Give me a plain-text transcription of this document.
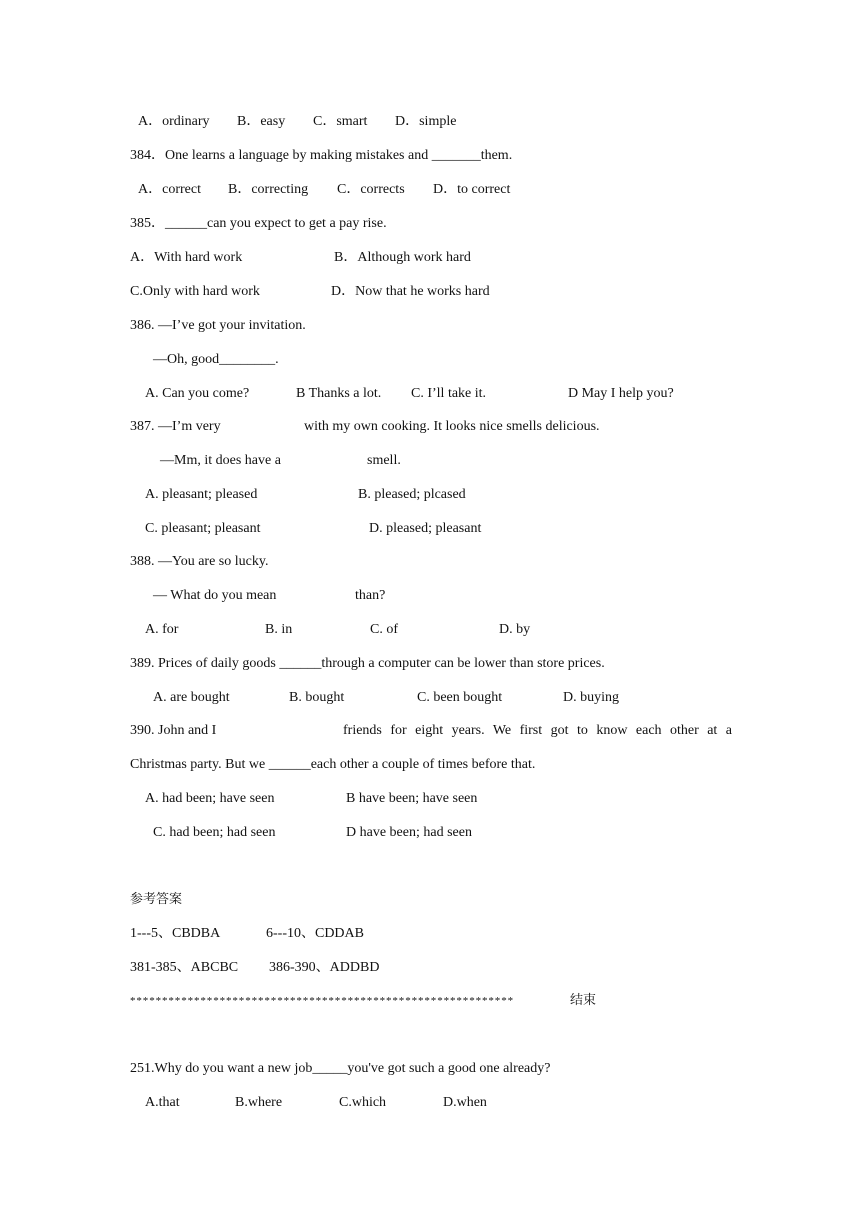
A．ordinary B．easy C．smart D．simple
384．One learns a language by making mistakes and _______them.
A．correct B．correcting C．corrects D．to correct
385．______can you expect to get a pay rise.
A．With hard work	B．Although work hard
C.Only with hard work	D．Now that he works hard
386. —I’ve got your invitation.
—Oh, good________.
A. Can you come?	B Thanks a lot. C. I’ll take it.	D May I help you?
387. —I’m very	with my own cooking. It looks nice smells delicious.
—Mm, it does have a	smell.
A. pleasant; pleased	B. pleased; plcased
C. pleasant; pleasant	D. pleased; pleasant
388. —You are so lucky.
— What do you mean	than?
A. for	B. in	C. of	D. by
389. Prices of daily goods ______through a computer can be lower than store prices.
A. are bought	B. bought	C. been bought	D. buying
390. John and I	friends for eight years. We first got to know each other at a
Christmas party. But we ______each other a couple of times before that.
A. had been; have seen	B have been; have seen
C. had been; had seen	D have been; had seen
参考答案
1---5、CBDBA	6---10、CDDAB
381-385、ABCBC 386-390、ADDBD
************************************************************	结束
251.Why do you want a new job_____you've got such a good one already?
A.that	B.where	C.which	D.when
